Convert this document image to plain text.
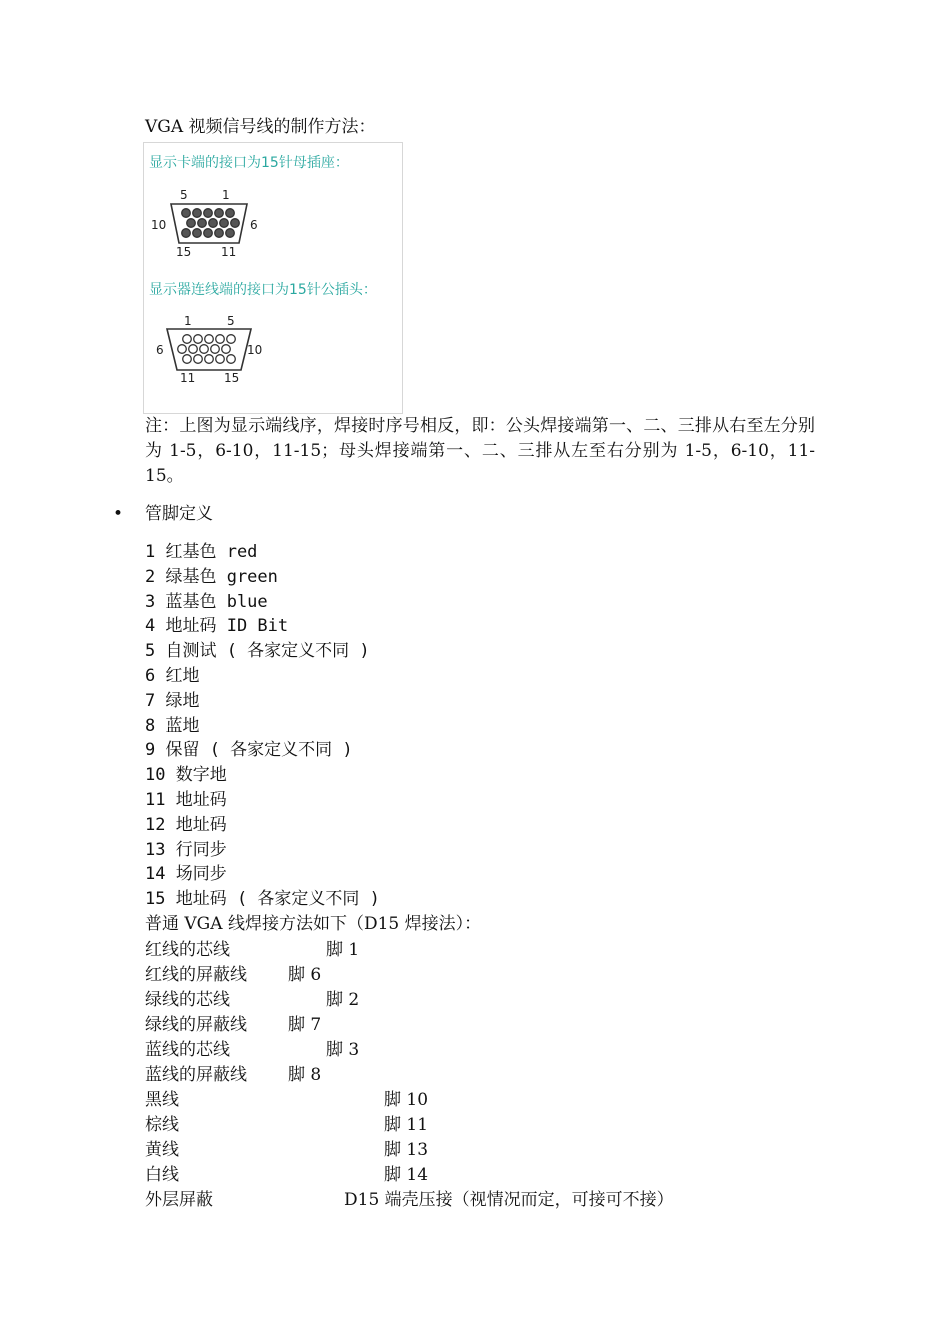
VGA 视频信号线的制作方法：
显示卡端的接口为15针母插座：
5	1
10	6
15 11
显示器连线端的接口为15针公插头：
1	5
6	10
11 15
注：上图为显示端线序，焊接时序号相反，即：公头焊接端第一、二、三排从右至左分别为 1-5，6-10，11-15；母头焊接端第一、二、三排从左至右分别为 1-5，6-10，11-15。
• 管脚定义
1 红基色 red
2 绿基色 green
3 蓝基色 blue
4 地址码 ID Bit
5 自测试 ( 各家定义不同 )
6 红地
7 绿地
8 蓝地
9 保留 ( 各家定义不同 )
10 数字地
11 地址码
12 地址码
13 行同步
14 场同步
15 地址码 ( 各家定义不同 )
普通 VGA 线焊接方法如下（D15 焊接法）：
红线的芯线	脚 1
红线的屏蔽线 脚 6
绿线的芯线	脚 2
绿线的屏蔽线 脚 7
蓝线的芯线	脚 3
蓝线的屏蔽线 脚 8
黑线	脚 10
棕线	脚 11
黄线	脚 13
白线	脚 14
外层屏蔽	D15 端壳压接（视情况而定，可接可不接）
